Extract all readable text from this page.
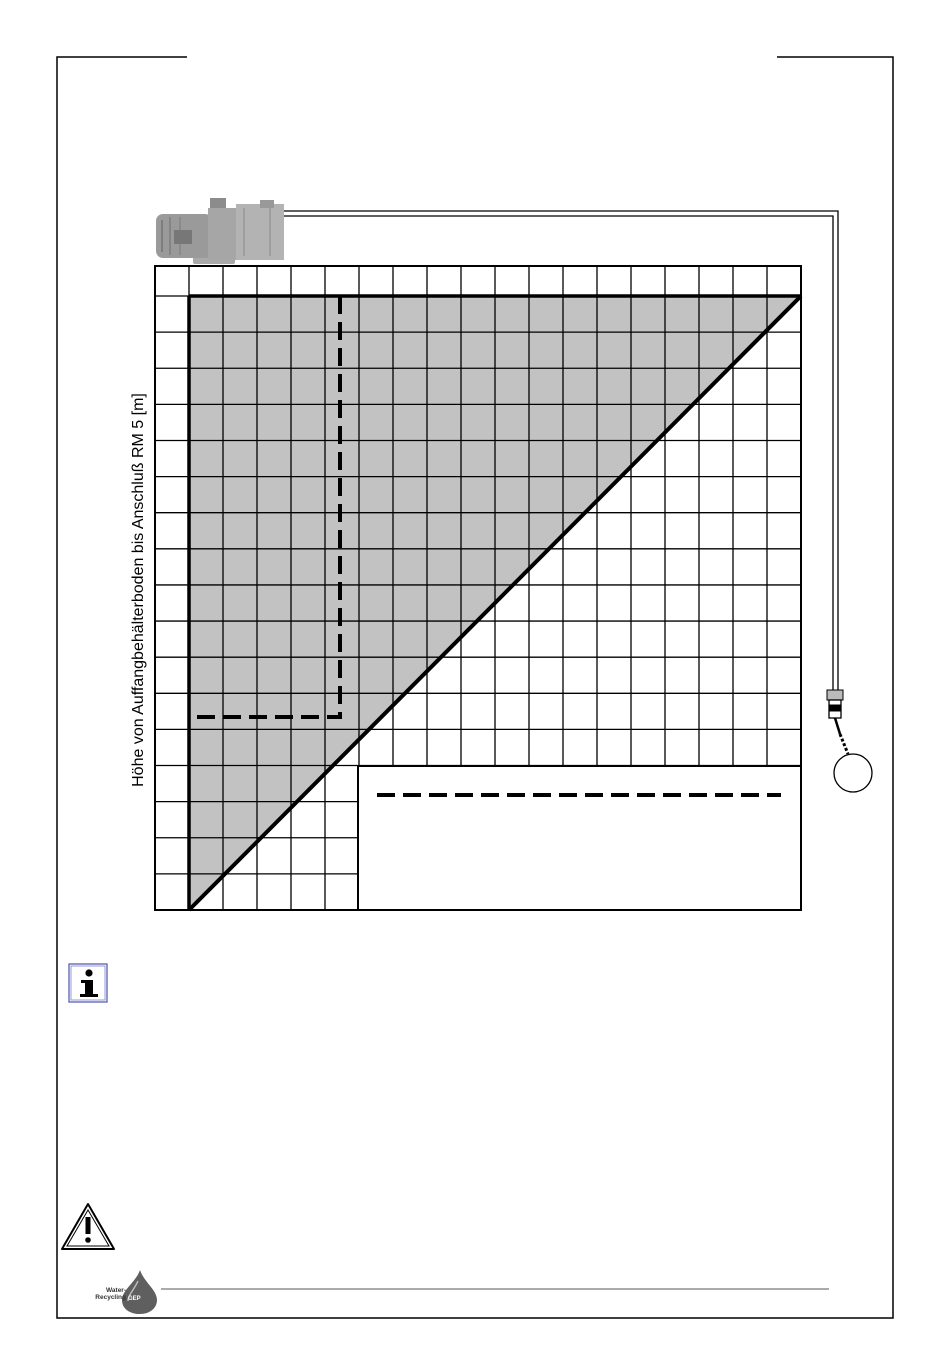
Höhe von Auffangbehälterboden bis Anschluß RM 5 [m]
Water-
Recycling GEP
